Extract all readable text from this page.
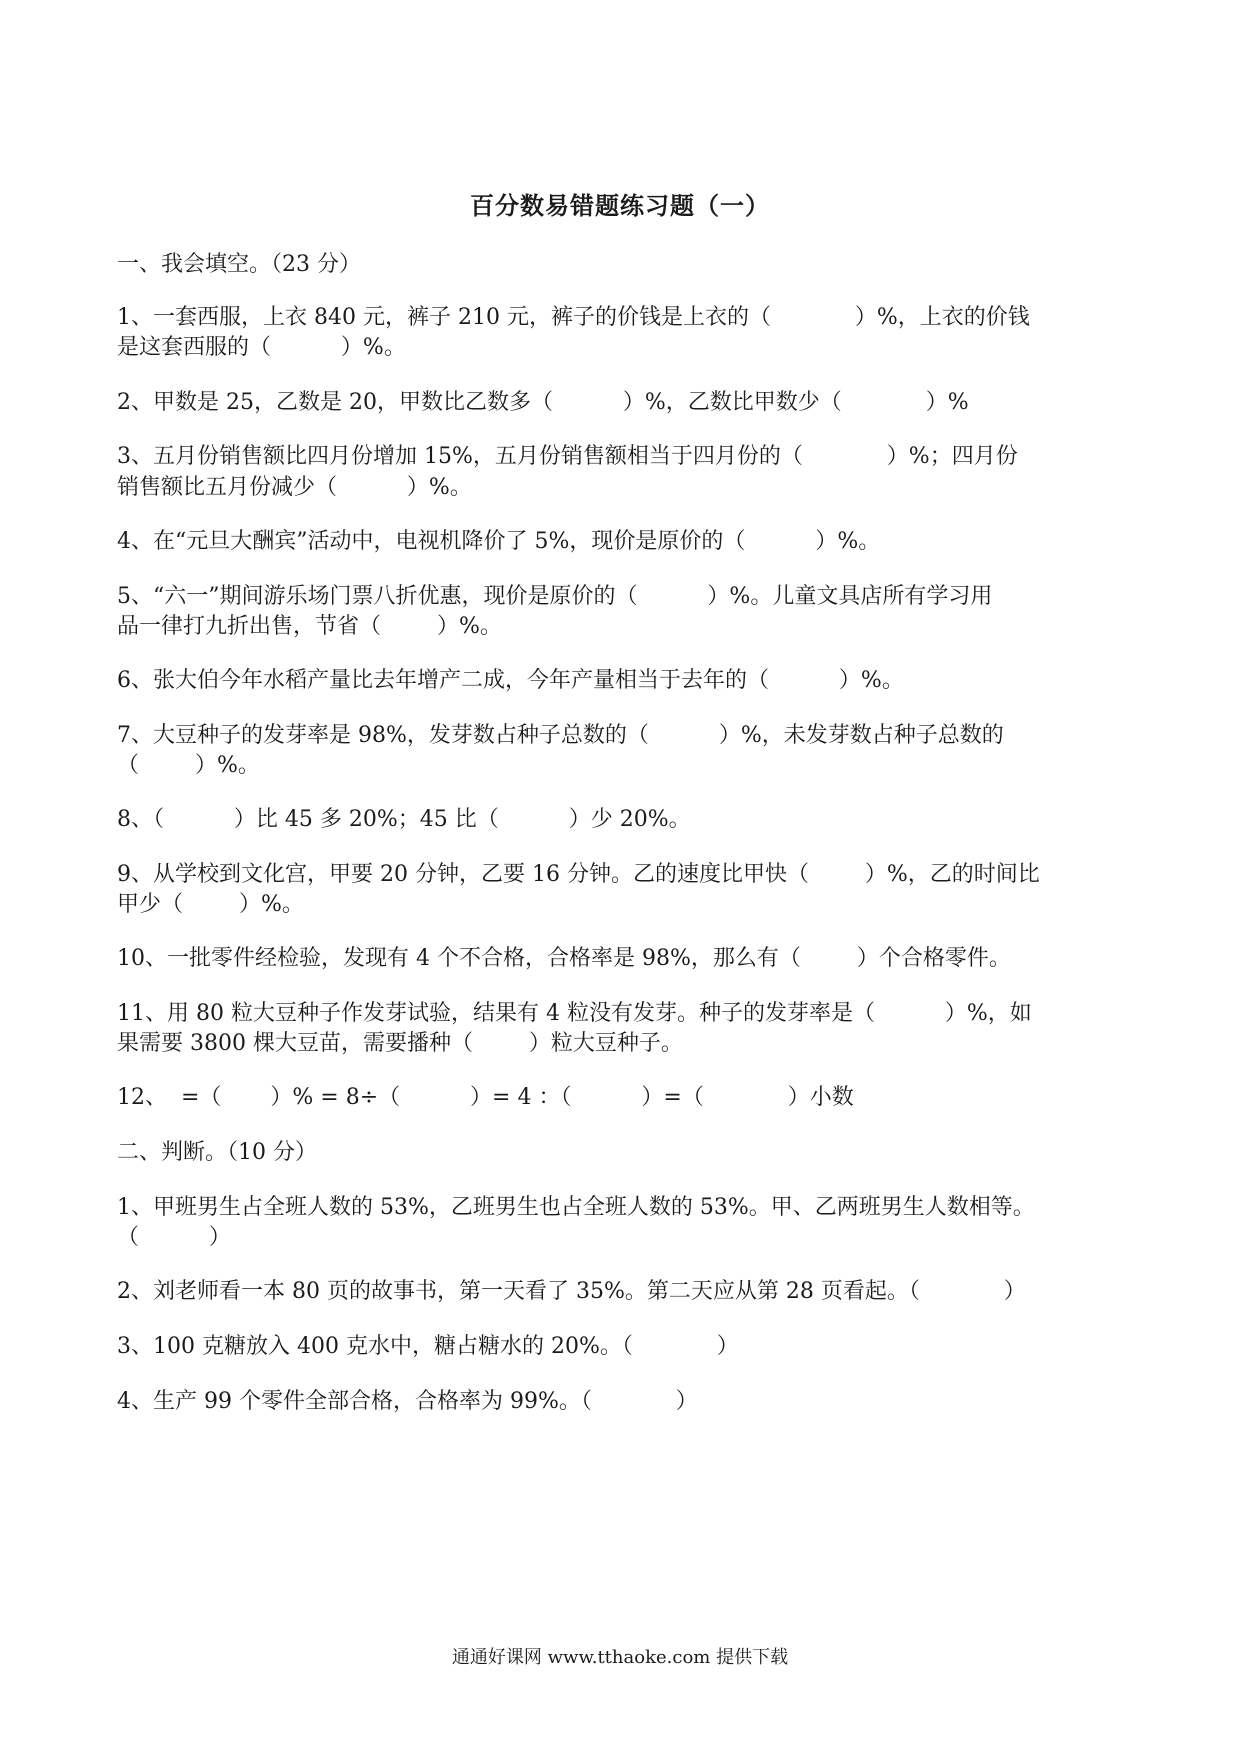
百分数易错题练习题（一）
一、我会填空。（23 分）
1、一套西服，上衣 840 元，裤子 210 元，裤子的价钱是上衣的（            ）%，上衣的价钱
是这套西服的（          ）%。
2、甲数是 25，乙数是 20，甲数比乙数多（          ）%，乙数比甲数少（            ）%
3、五月份销售额比四月份增加 15%，五月份销售额相当于四月份的（            ）%；四月份
销售额比五月份减少（          ）%。
4、在“元旦大酬宾”活动中，电视机降价了 5%，现价是原价的（          ）%。
5、“六一”期间游乐场门票八折优惠，现价是原价的（          ）%。儿童文具店所有学习用
品一律打九折出售，节省（        ）%。
6、张大伯今年水稻产量比去年增产二成，今年产量相当于去年的（          ）%。
7、大豆种子的发芽率是 98%，发芽数占种子总数的（          ）%，未发芽数占种子总数的
（        ）%。
8、（          ）比 45 多 20%；45 比（          ）少 20%。
9、从学校到文化宫，甲要 20 分钟，乙要 16 分钟。乙的速度比甲快（        ）%，乙的时间比
甲少（        ）%。
10、一批零件经检验，发现有 4 个不合格，合格率是 98%，那么有（        ）个合格零件。
11、用 80 粒大豆种子作发芽试验，结果有 4 粒没有发芽。种子的发芽率是（          ）%，如
果需要 3800 棵大豆苗，需要播种（        ）粒大豆种子。
12、  =（       ）% = 8÷（          ）= 4 ：（          ）=（            ）小数
二、判断。（10 分）
1、甲班男生占全班人数的 53%，乙班男生也占全班人数的 53%。甲、乙两班男生人数相等。
（          ）
2、刘老师看一本 80 页的故事书，第一天看了 35%。第二天应从第 28 页看起。（            ）
3、100 克糖放入 400 克水中，糖占糖水的 20%。（            ）
4、生产 99 个零件全部合格，合格率为 99%。（            ）
通通好课网 www.tthaoke.com 提供下载
